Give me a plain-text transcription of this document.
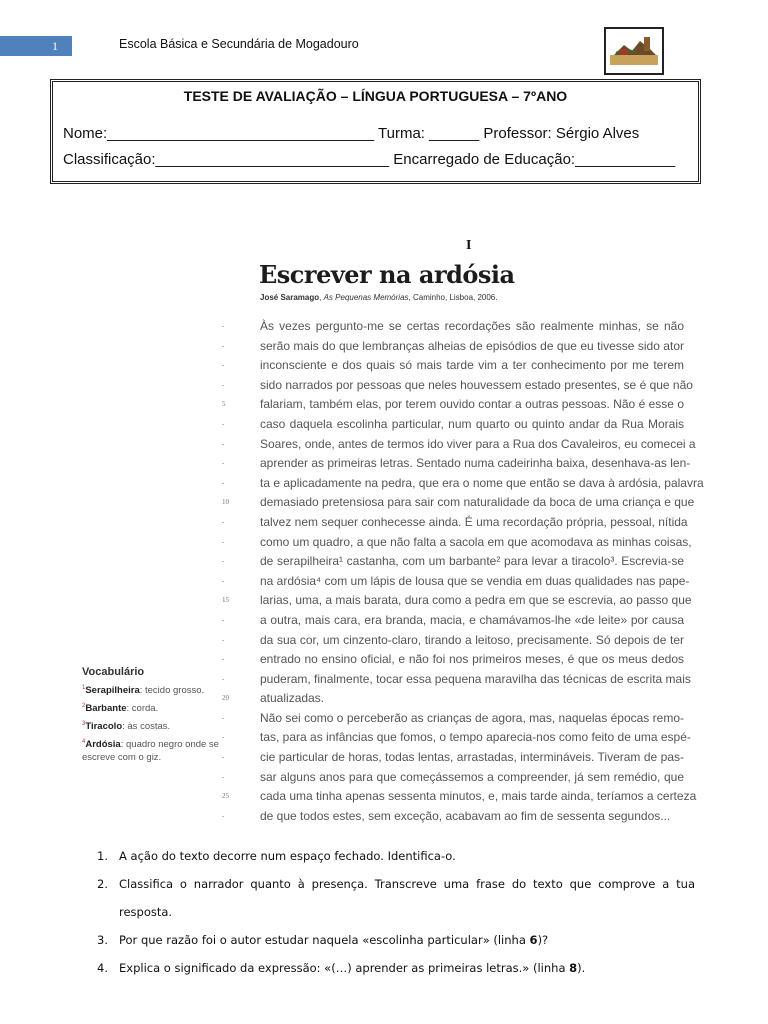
1	Escola Básica e Secundária de Mogadouro
TESTE DE AVALIAÇÃO – LÍNGUA PORTUGUESA – 7ºANO
Nome:________________________________ Turma: ______ Professor: Sérgio Alves
Classificação:____________________________ Encarregado de Educação:____________
I
Escrever na ardósia
José Saramago, As Pequenas Memórias, Caminho, Lisboa, 2006.
-
-
-
-
5
-
-
-
-
10
-
-
-
-
15
-
-
-
-
20
-
-
-
-
25
-
Às vezes pergunto-me se certas recordações são realmente minhas, se não
serão mais do que lembranças alheias de episódios de que eu tivesse sido ator
inconsciente e dos quais só mais tarde vim a ter conhecimento por me terem
sido narrados por pessoas que neles houvessem estado presentes, se é que não
falariam, também elas, por terem ouvido contar a outras pessoas. Não é esse o
caso daquela escolinha particular, num quarto ou quinto andar da Rua Morais
Soares, onde, antes de termos ido viver para a Rua dos Cavaleiros, eu comecei a
aprender as primeiras letras. Sentado numa cadeirinha baixa, desenhava-as len-
ta e aplicadamente na pedra, que era o nome que então se dava à ardósia, palavra
demasiado pretensiosa para sair com naturalidade da boca de uma criança e que
talvez nem sequer conhecesse ainda. É uma recordação própria, pessoal, nítida
como um quadro, a que não falta a sacola em que acomodava as minhas coisas,
de serapilheira¹ castanha, com um barbante² para levar a tiracolo³. Escrevia-se
na ardósia⁴ com um lápis de lousa que se vendia em duas qualidades nas pape-
larias, uma, a mais barata, dura como a pedra em que se escrevia, ao passo que
a outra, mais cara, era branda, macia, e chamávamos-lhe «de leite» por causa
da sua cor, um cinzento-claro, tirando a leitoso, precisamente. Só depois de ter
entrado no ensino oficial, e não foi nos primeiros meses, é que os meus dedos
puderam, finalmente, tocar essa pequena maravilha das técnicas de escrita mais
atualizadas.
Não sei como o perceberão as crianças de agora, mas, naquelas épocas remo-
tas, para as infâncias que fomos, o tempo aparecia-nos como feito de uma espé-
cie particular de horas, todas lentas, arrastadas, intermináveis. Tiveram de pas-
sar alguns anos para que começássemos a compreender, já sem remédio, que
cada uma tinha apenas sessenta minutos, e, mais tarde ainda, teríamos a certeza
de que todos estes, sem exceção, acabavam ao fim de sessenta segundos...
Vocabulário
$^1$Serapilheira: tecido grosso.
$^2$Barbante: corda.
$^3$Tiracolo: às costas.
$^4$Ardósia: quadro negro onde se escreve com o giz.
1. A ação do texto decorre num espaço fechado. Identifica-o.
2. Classifica o narrador quanto à presença. Transcreve uma frase do texto que comprove a tua resposta.
3. Por que razão foi o autor estudar naquela «escolinha particular» (linha 6)?
4. Explica o significado da expressão: «(…) aprender as primeiras letras.» (linha 8).
